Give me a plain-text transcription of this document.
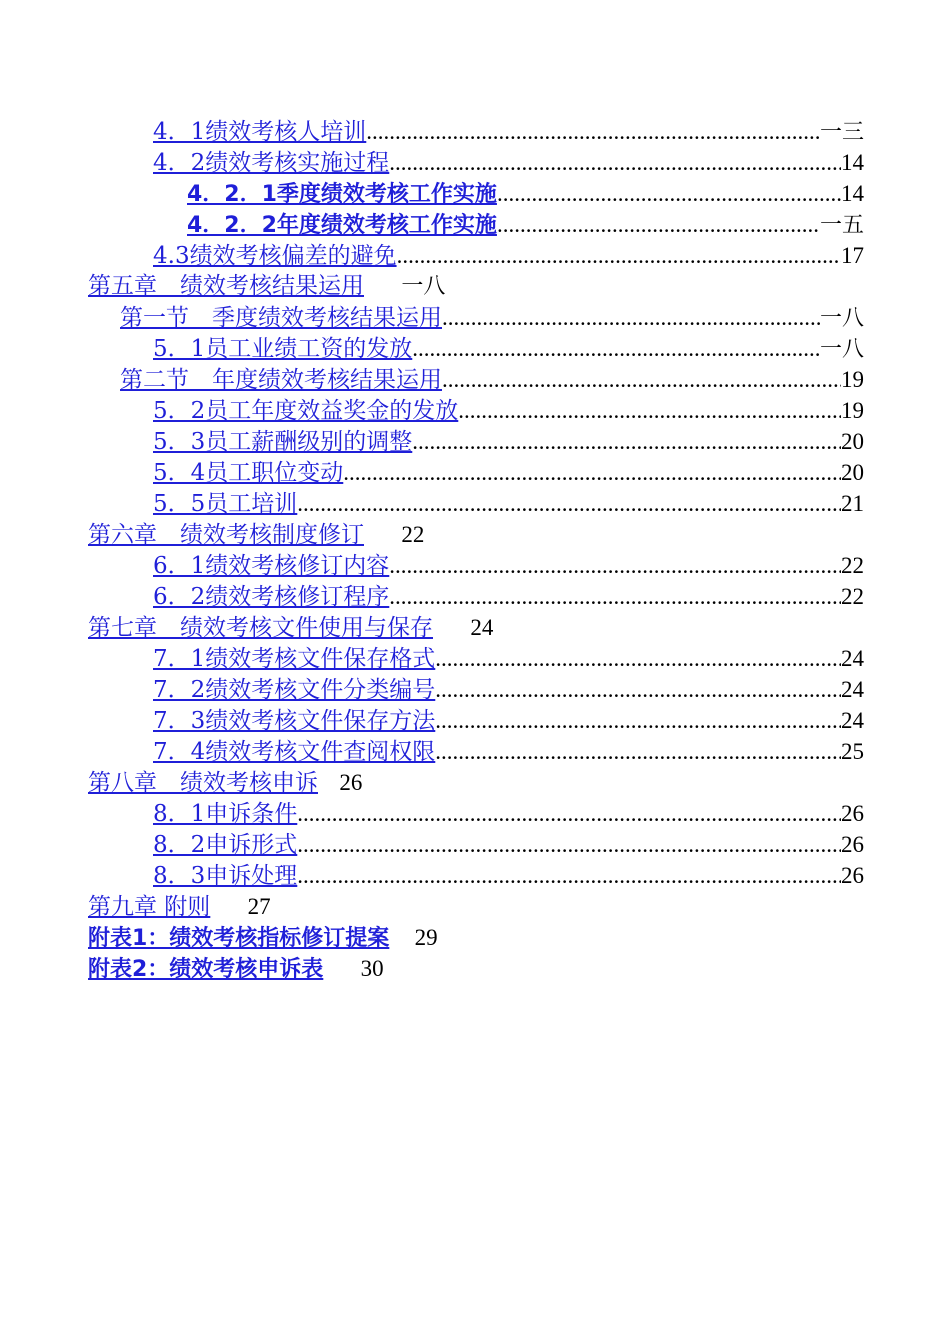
4．1绩效考核人培训 .....	一三
4．2绩效考核实施过程 .....	14
4．2．1季度绩效考核工作实施 .....	14
4．2．2年度绩效考核工作实施 .....	一五
4.3绩效考核偏差的避免 .....	17
第五章　绩效考核结果运用 一八
第一节　季度绩效考核结果运用 .....	一八
5．1员工业绩工资的发放 .....	一八
第二节　年度绩效考核结果运用 .....	19
5．2员工年度效益奖金的发放 .....	19
5．3员工薪酬级别的调整 .....	20
5．4员工职位变动 .....	20
5．5员工培训 .....	21
第六章　绩效考核制度修订 22
6．1绩效考核修订内容 .....	22
6．2绩效考核修订程序 .....	22
第七章　绩效考核文件使用与保存 24
7．1绩效考核文件保存格式 .....	24
7．2绩效考核文件分类编号 .....	24
7．3绩效考核文件保存方法 .....	24
7．4绩效考核文件查阅权限 .....	25
第八章　绩效考核申诉 26
8．1申诉条件 .....	26
8．2申诉形式 .....	26
8．3申诉处理 .....	26
第九章 附则 27
附表1：绩效考核指标修订提案 29
附表2：绩效考核申诉表 30
